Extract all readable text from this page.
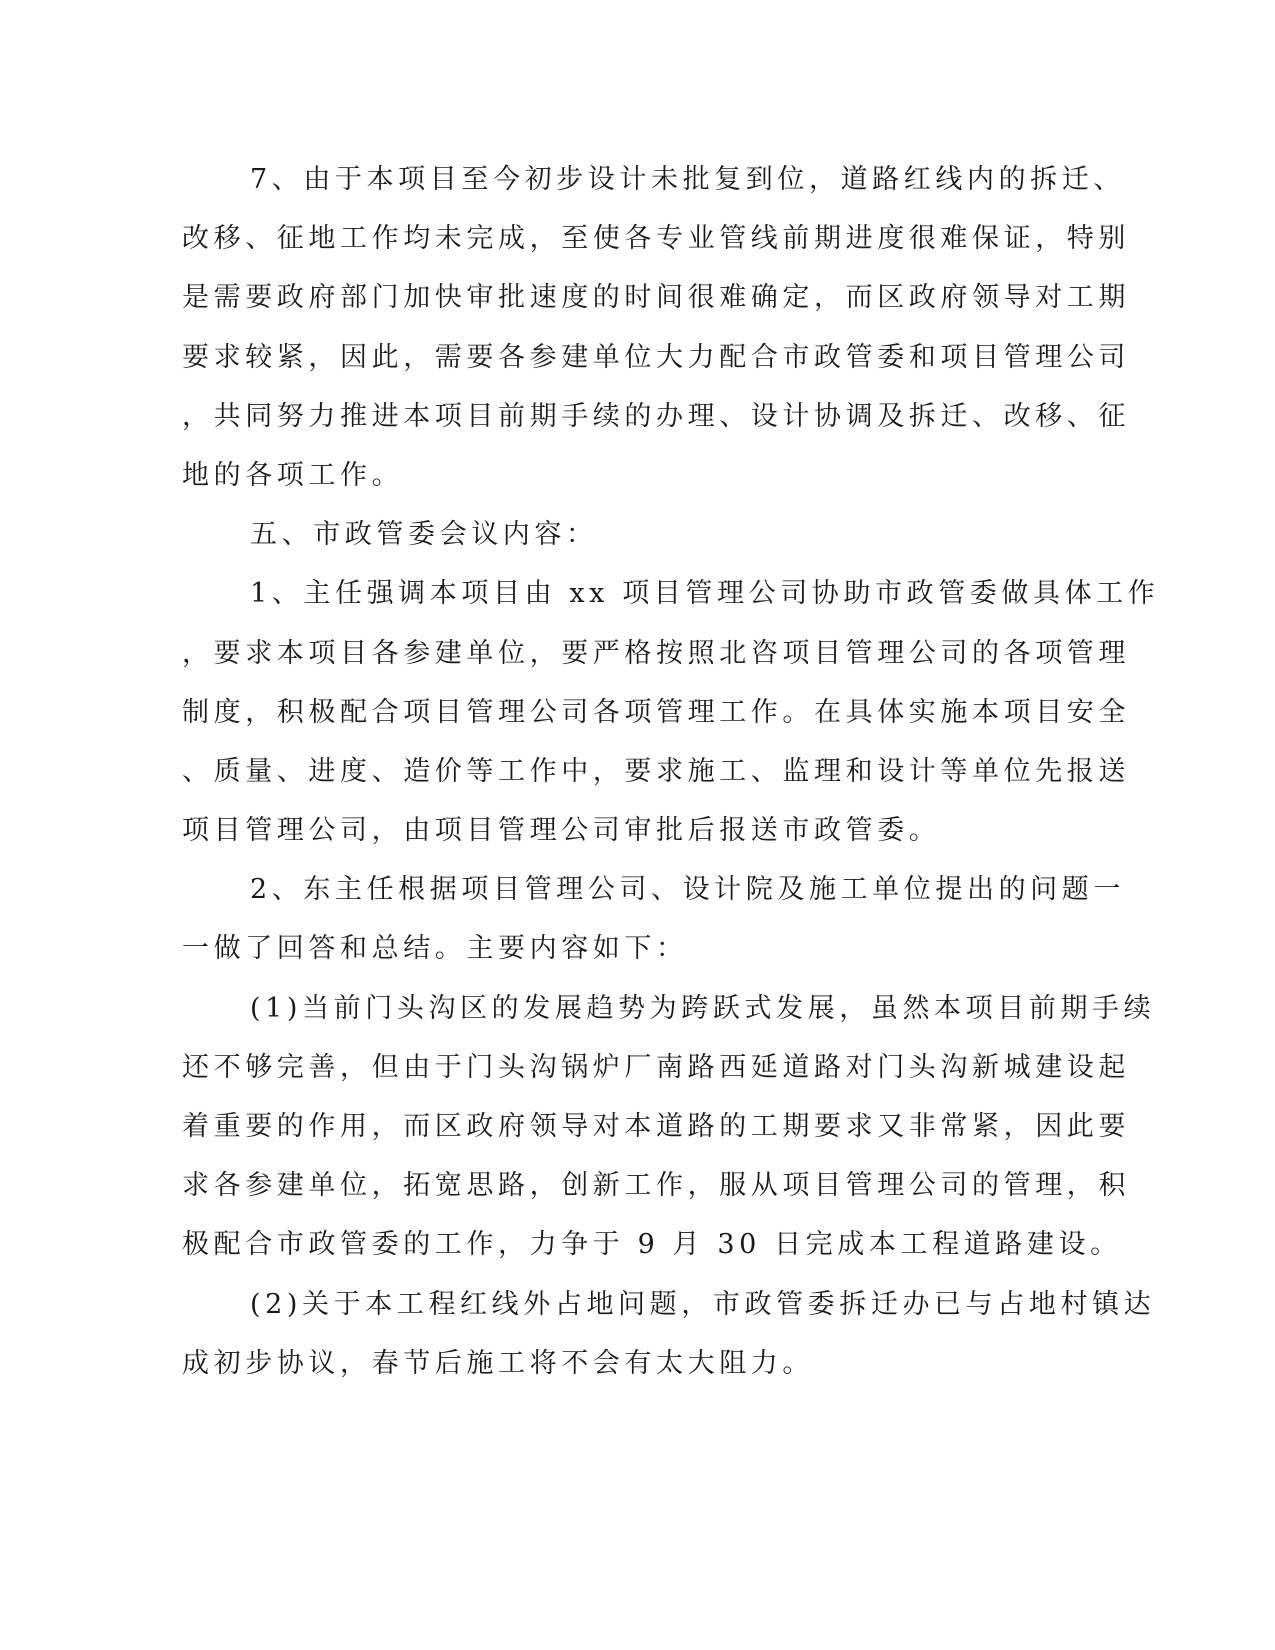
7、由于本项目至今初步设计未批复到位，道路红线内的拆迁、
改移、征地工作均未完成，至使各专业管线前期进度很难保证，特别
是需要政府部门加快审批速度的时间很难确定，而区政府领导对工期
要求较紧，因此，需要各参建单位大力配合市政管委和项目管理公司
，共同努力推进本项目前期手续的办理、设计协调及拆迁、改移、征
地的各项工作。
五、市政管委会议内容：
1、主任强调本项目由 xx 项目管理公司协助市政管委做具体工作
，要求本项目各参建单位，要严格按照北咨项目管理公司的各项管理
制度，积极配合项目管理公司各项管理工作。在具体实施本项目安全
、质量、进度、造价等工作中，要求施工、监理和设计等单位先报送
项目管理公司，由项目管理公司审批后报送市政管委。
2、东主任根据项目管理公司、设计院及施工单位提出的问题一
一做了回答和总结。主要内容如下：
(1)当前门头沟区的发展趋势为跨跃式发展，虽然本项目前期手续
还不够完善，但由于门头沟锅炉厂南路西延道路对门头沟新城建设起
着重要的作用，而区政府领导对本道路的工期要求又非常紧，因此要
求各参建单位，拓宽思路，创新工作，服从项目管理公司的管理，积
极配合市政管委的工作，力争于 9 月 30 日完成本工程道路建设。
(2)关于本工程红线外占地问题，市政管委拆迁办已与占地村镇达
成初步协议，春节后施工将不会有太大阻力。
